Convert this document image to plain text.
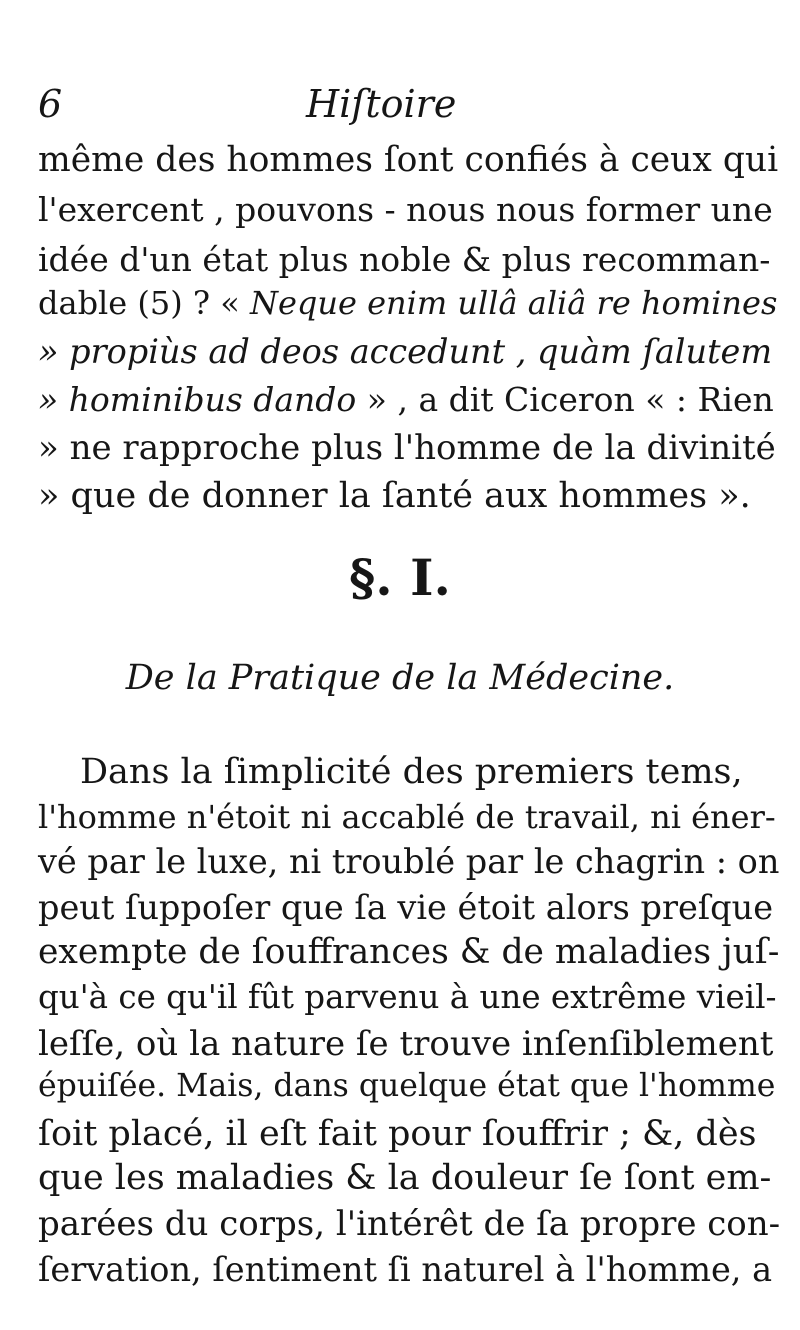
6	Hiſtoire
même des hommes ſont confiés à ceux qui
l'exercent , pouvons - nous nous former une
idée d'un état plus noble & plus recomman-
dable (5) ? « Neque enim ullâ aliâ re homines
» propiùs ad deos accedunt , quàm ſalutem
» hominibus dando » , a dit Ciceron « : Rien
» ne rapproche plus l'homme de la divinité
» que de donner la ſanté aux hommes ».
§. I.
De la Pratique de la Médecine.
Dans la ſimplicité des premiers tems,
l'homme n'étoit ni accablé de travail, ni éner-
vé par le luxe, ni troublé par le chagrin : on
peut ſuppoſer que ſa vie étoit alors preſque
exempte de ſouffrances & de maladies juſ-
qu'à ce qu'il fût parvenu à une extrême vieil-
leſſe, où la nature ſe trouve inſenſiblement
épuiſée. Mais, dans quelque état que l'homme
ſoit placé, il eſt fait pour ſouffrir ; &, dès
que les maladies & la douleur ſe ſont em-
parées du corps, l'intérêt de ſa propre con-
ſervation, ſentiment ſi naturel à l'homme, a
